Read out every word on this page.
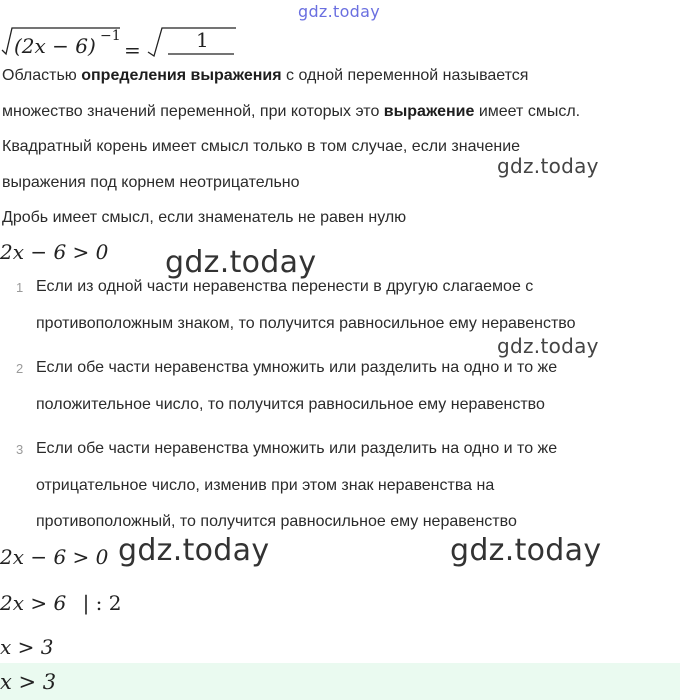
gdz.today
(2x − 6) −1
=	1
Областью определения выражения с одной переменной называется
множество значений переменной, при которых это выражение имеет смысл.
Квадратный корень имеет смысл только в том случае, если значение
gdz.today
выражения под корнем неотрицательно
Дробь имеет смысл, если знаменатель не равен нулю
2x − 6 > 0 gdz.today
1 Если из одной части неравенства перенести в другую слагаемое с
противоположным знаком, то получится равносильное ему неравенство
gdz.today
2 Если обе части неравенства умножить или разделить на одно и то же
положительное число, то получится равносильное ему неравенство
3 Если обе части неравенства умножить или разделить на одно и то же
отрицательное число, изменив при этом знак неравенства на
противоположный, то получится равносильное ему неравенство
2x − 6 > 0 gdz.today	gdz.today
2x > 6 | : 2
x > 3
x > 3
